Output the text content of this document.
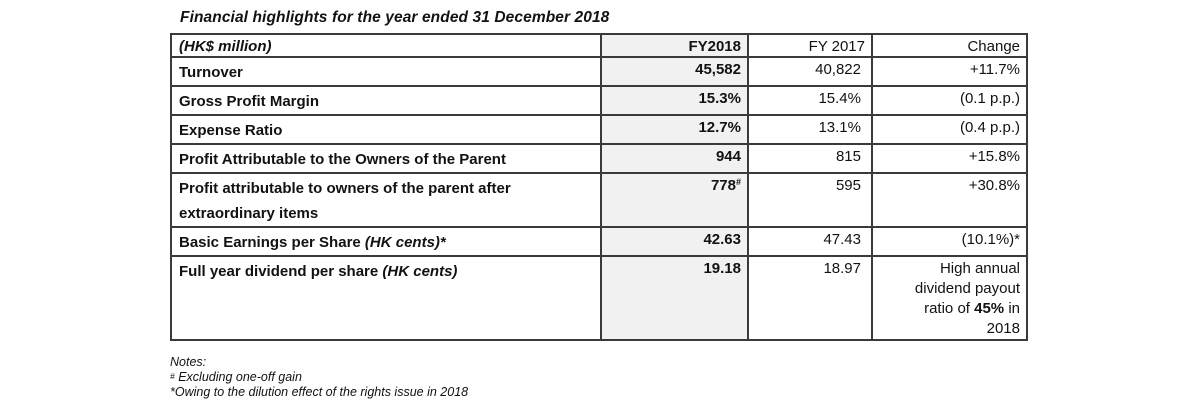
Financial highlights for the year ended 31 December 2018
(HK$ million)	FY2018	FY 2017	Change
Turnover	45,582	40,822	+11.7%
Gross Profit Margin	15.3%	15.4%	(0.1 p.p.)
Expense Ratio	12.7%	13.1%	(0.4 p.p.)
Profit Attributable to the Owners of the Parent	944	815	+15.8%
Profit attributable to owners of the parent after extraordinary items	778#	595	+30.8%
Basic Earnings per Share (HK cents)*	42.63	47.43	(10.1%)*
Full year dividend per share (HK cents)	19.18	18.97	High annual dividend payout ratio of 45% in 2018
Notes:
# Excluding one-off gain
*Owing to the dilution effect of the rights issue in 2018
